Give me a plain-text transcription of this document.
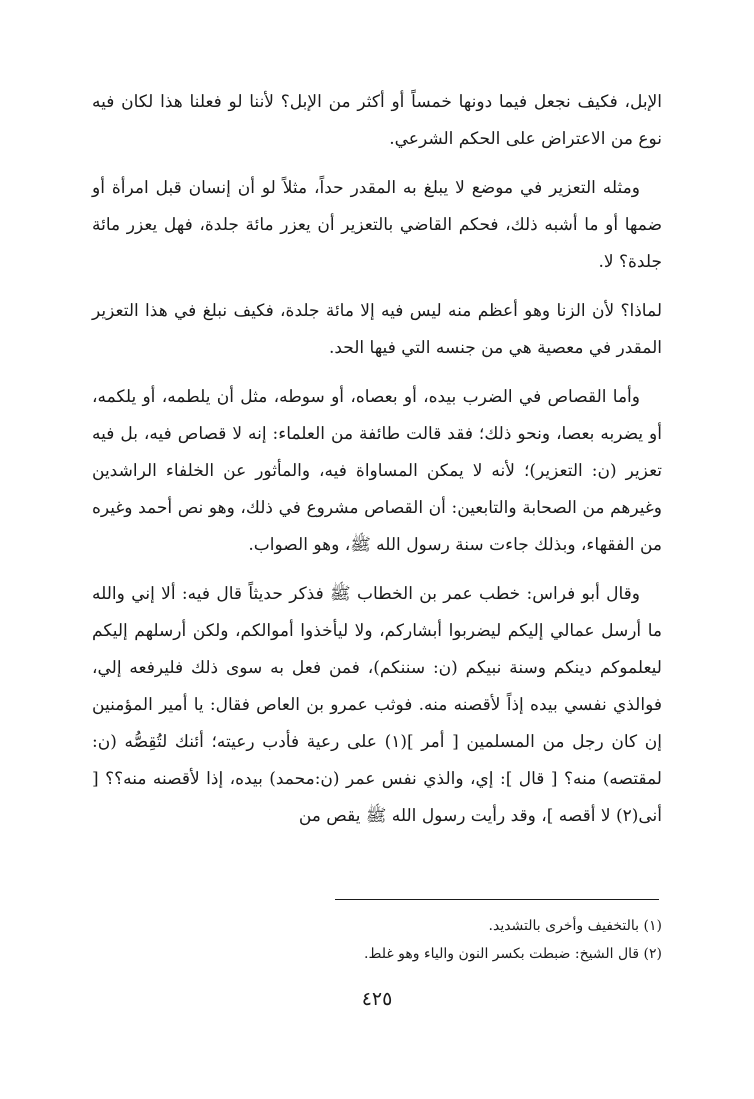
الإبل، فكيف نجعل فيما دونها خمساً أو أكثر من الإبل؟ لأننا لو فعلنا هذا لكان فيه نوع من الاعتراض على الحكم الشرعي.

ومثله التعزير في موضع لا يبلغ به المقدر حداً، مثلاً لو أن إنسان قبل امرأة أو ضمها أو ما أشبه ذلك، فحكم القاضي بالتعزير أن يعزر مائة جلدة، فهل يعزر مائة جلدة؟ لا.

لماذا؟ لأن الزنا وهو أعظم منه ليس فيه إلا مائة جلدة، فكيف نبلغ في هذا التعزير المقدر في معصية هي من جنسه التي فيها الحد.

وأما القصاص في الضرب بيده، أو بعصاه، أو سوطه، مثل أن يلطمه، أو يلكمه، أو يضربه بعصا، ونحو ذلك؛ فقد قالت طائفة من العلماء: إنه لا قصاص فيه، بل فيه تعزير (ن: التعزير)؛ لأنه لا يمكن المساواة فيه، والمأثور عن الخلفاء الراشدين وغيرهم من الصحابة والتابعين: أن القصاص مشروع في ذلك، وهو نص أحمد وغيره من الفقهاء، وبذلك جاءت سنة رسول الله ﷺ، وهو الصواب.

وقال أبو فراس: خطب عمر بن الخطاب ﷺ فذكر حديثاً قال فيه: ألا إني والله ما أرسل عمالي إليكم ليضربوا أبشاركم، ولا ليأخذوا أموالكم، ولكن أرسلهم إليكم ليعلموكم دينكم وسنة نبيكم (ن: سننكم)، فمن فعل به سوى ذلك فليرفعه إلي، فوالذي نفسي بيده إذاً لأقصنه منه. فوثب عمرو بن العاص فقال: يا أمير المؤمنين إن كان رجل من المسلمين [ أمر ](١) على رعية فأدب رعيته؛ أئنك لتُقِصُّه (ن: لمقتصه) منه؟ [ قال ]: إي، والذي نفس عمر (ن:محمد) بيده، إذا لأقصنه منه؟؟ [ أنى(٢) لا أقصه ]، وقد رأيت رسول الله ﷺ يقص من

(١) بالتخفيف وأخرى بالتشديد.

(٢) قال الشيخ: ضبطت بكسر النون والياء وهو غلط.

٤٢٥
